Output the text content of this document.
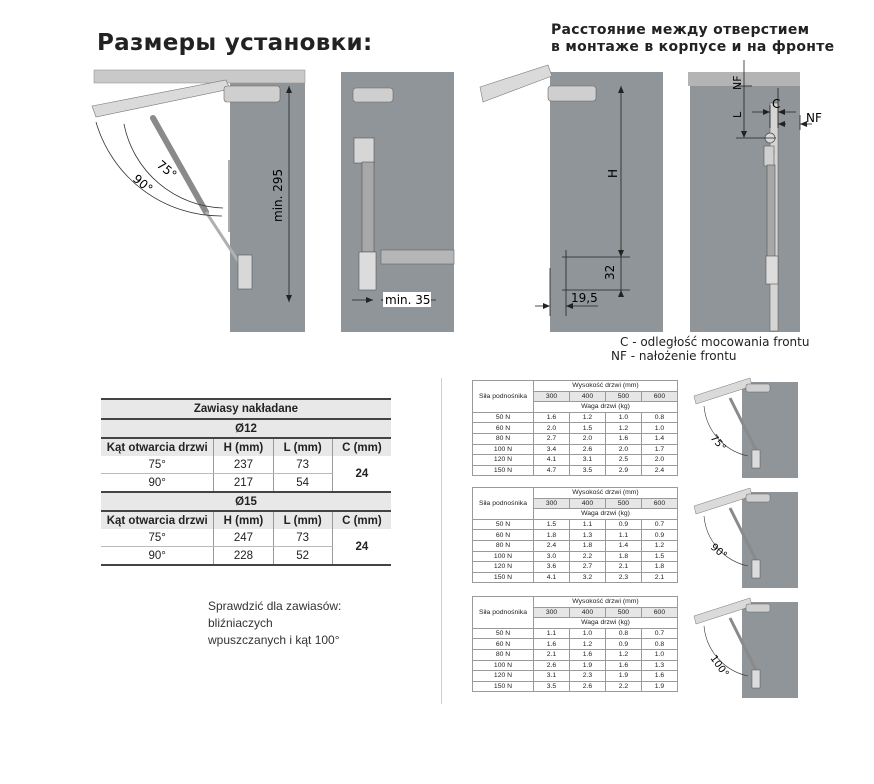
Размеры установки:	Расстояние между отверстием
в монтаже в корпусе и на фронте
90°
75°	min. 295
min. 35
H
32
19,5
NF
L
C
NF
C - odległość mocowania frontu
NF - nałożenie frontu
Zawiasy nakładane			
Ø12			
Kąt otwarcia drzwi	H (mm)	L (mm)	C (mm)
75°	237	73	24
90°	217	54	
Ø15			
Kąt otwarcia drzwi	H (mm)	L (mm)	C (mm)
75°	247	73	24
90°	228	52	
Sprawdzić dla zawiasów:
bliźniaczych
wpuszczanych i kąt 100°
Siła podnośnika	Wysokość drzwi (mm)			
	300	400	500	600
	Waga drzwi (kg)			
50 N	1.6	1.2	1.0	0.8
60 N	2.0	1.5	1.2	1.0
80 N	2.7	2.0	1.6	1.4
100 N	3.4	2.6	2.0	1.7
120 N	4.1	3.1	2.5	2.0
150 N	4.7	3.5	2.9	2.4
Siła podnośnika	Wysokość drzwi (mm)			
	300	400	500	600
	Waga drzwi (kg)			
50 N	1.5	1.1	0.9	0.7
60 N	1.8	1.3	1.1	0.9
80 N	2.4	1.8	1.4	1.2
100 N	3.0	2.2	1.8	1.5
120 N	3.6	2.7	2.1	1.8
150 N	4.1	3.2	2.3	2.1
Siła podnośnika	Wysokość drzwi (mm)			
	300	400	500	600
	Waga drzwi (kg)			
50 N	1.1	1.0	0.8	0.7
60 N	1.6	1.2	0.9	0.8
80 N	2.1	1.6	1.2	1.0
100 N	2.6	1.9	1.6	1.3
120 N	3.1	2.3	1.9	1.6
150 N	3.5	2.6	2.2	1.9
75°
90°
100°
